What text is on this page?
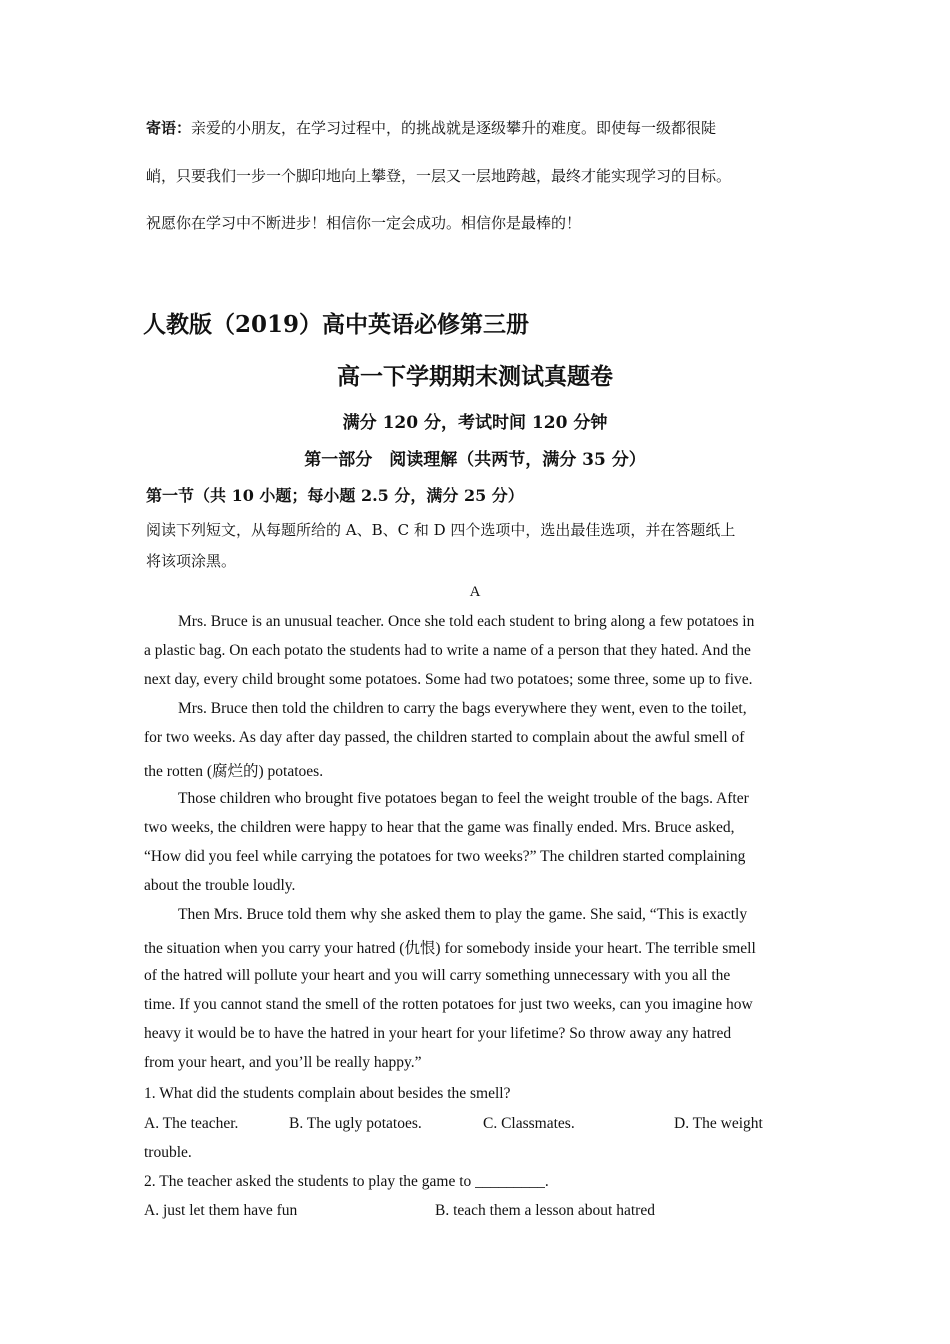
寄语：亲爱的小朋友，在学习过程中，的挑战就是逐级攀升的难度。即使每一级都很陡
峭，只要我们一步一个脚印地向上攀登，一层又一层地跨越，最终才能实现学习的目标。
祝愿你在学习中不断进步！相信你一定会成功。相信你是最棒的！
人教版（2019）高中英语必修第三册
高一下学期期末测试真题卷
满分 120 分，考试时间 120 分钟
第一部分　阅读理解（共两节，满分 35 分）
第一节（共 10 小题；每小题 2.5 分，满分 25 分）
阅读下列短文，从每题所给的 A、B、C 和 D 四个选项中，选出最佳选项，并在答题纸上
将该项涂黑。
A
Mrs. Bruce is an unusual teacher. Once she told each student to bring along a few potatoes in
a plastic bag. On each potato the students had to write a name of a person that they hated. And the
next day, every child brought some potatoes. Some had two potatoes; some three, some up to five.
Mrs. Bruce then told the children to carry the bags everywhere they went, even to the toilet,
for two weeks. As day after day passed, the children started to complain about the awful smell of
the rotten (腐烂的) potatoes.
Those children who brought five potatoes began to feel the weight trouble of the bags. After
two weeks, the children were happy to hear that the game was finally ended. Mrs. Bruce asked,
“How did you feel while carrying the potatoes for two weeks?” The children started complaining
about the trouble loudly.
Then Mrs. Bruce told them why she asked them to play the game. She said, “This is exactly
the situation when you carry your hatred (仇恨) for somebody inside your heart. The terrible smell
of the hatred will pollute your heart and you will carry something unnecessary with you all the
time. If you cannot stand the smell of the rotten potatoes for just two weeks, can you imagine how
heavy it would be to have the hatred in your heart for your lifetime? So throw away any hatred
from your heart, and you’ll be really happy.”
1. What did the students complain about besides the smell?
A. The teacher.	B. The ugly potatoes.	C. Classmates.	D. The weight
trouble.
2. The teacher asked the students to play the game to _________.
A. just let them have fun	B. teach them a lesson about hatred
